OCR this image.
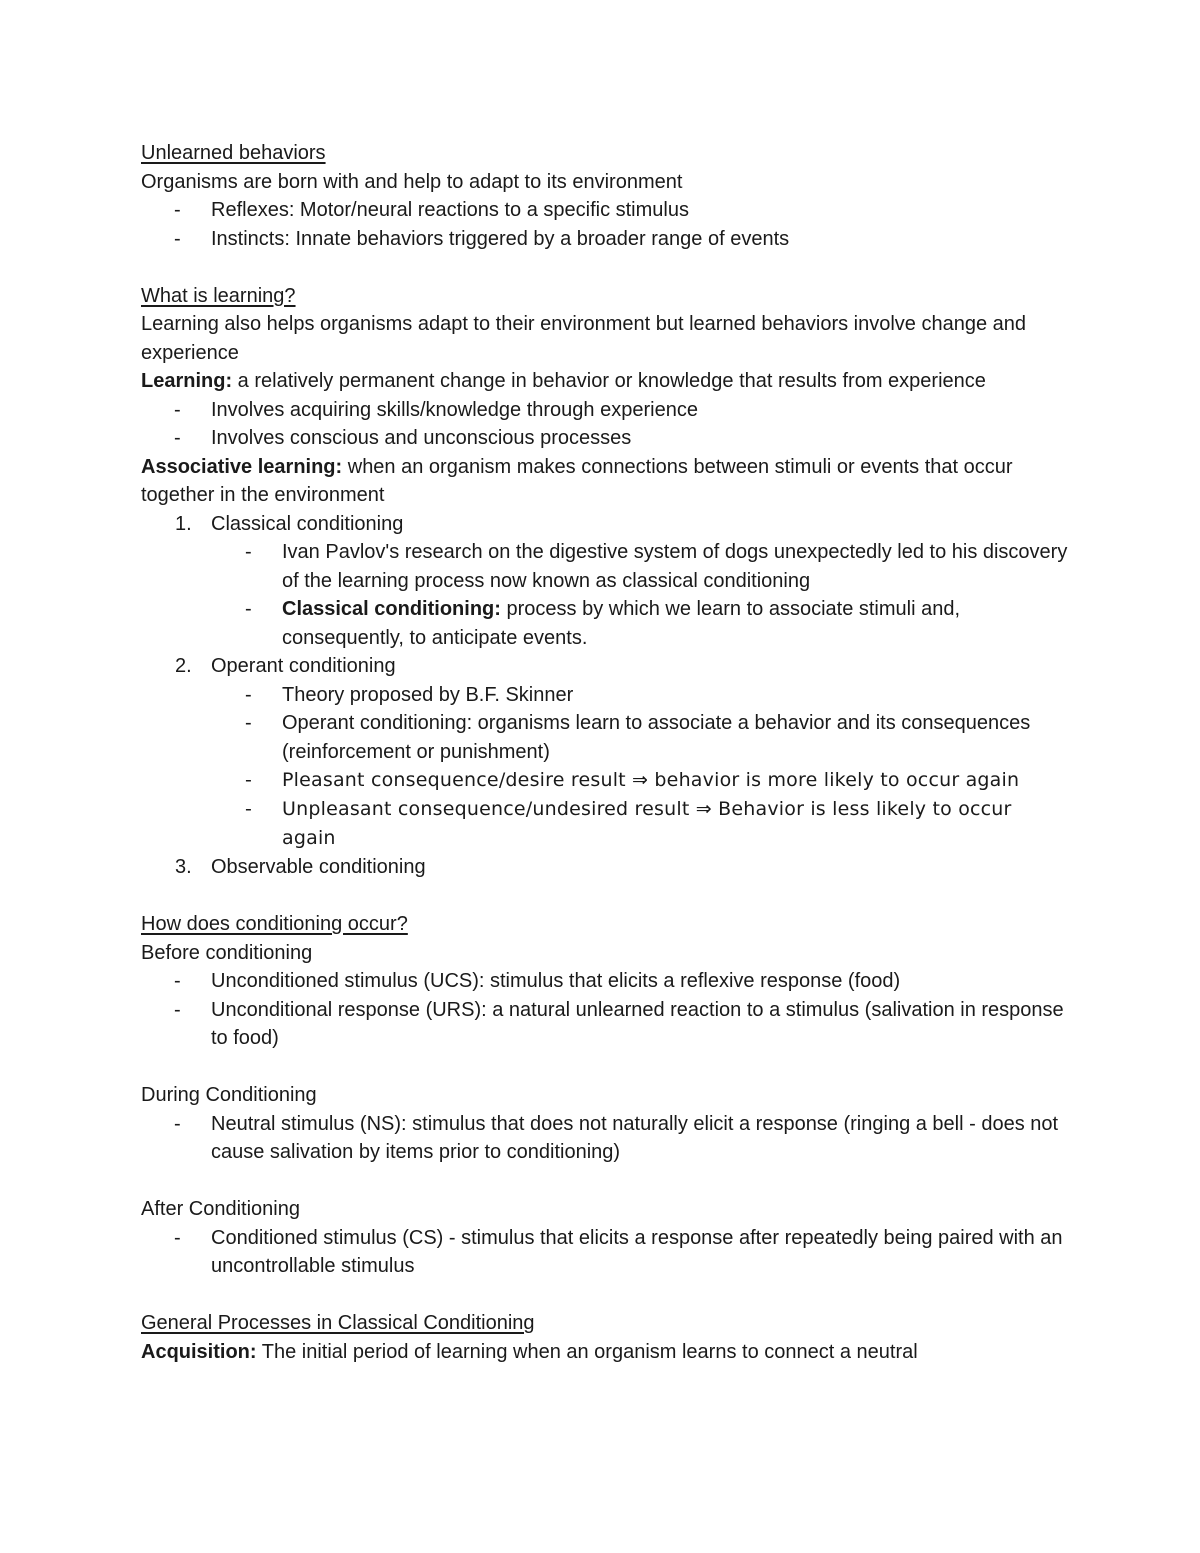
Unlearned behaviors
Organisms are born with and help to adapt to its environment
- Reflexes: Motor/neural reactions to a specific stimulus
- Instincts: Innate behaviors triggered by a broader range of events
What is learning?
Learning also helps organisms adapt to their environment but learned behaviors involve change and experience
Learning: a relatively permanent change in behavior or knowledge that results from experience
- Involves acquiring skills/knowledge through experience
- Involves conscious and unconscious processes
Associative learning: when an organism makes connections between stimuli or events that occur together in the environment
1. Classical conditioning
- Ivan Pavlov's research on the digestive system of dogs unexpectedly led to his discovery of the learning process now known as classical conditioning
- Classical conditioning: process by which we learn to associate stimuli and, consequently, to anticipate events.
2. Operant conditioning
- Theory proposed by B.F. Skinner
- Operant conditioning: organisms learn to associate a behavior and its consequences (reinforcement or punishment)
- Pleasant consequence/desire result ⇒ behavior is more likely to occur again
- Unpleasant consequence/undesired result ⇒ Behavior is less likely to occur again
3. Observable conditioning
How does conditioning occur?
Before conditioning
- Unconditioned stimulus (UCS): stimulus that elicits a reflexive response (food)
- Unconditional response (URS): a natural unlearned reaction to a stimulus (salivation in response to food)
During Conditioning
- Neutral stimulus (NS): stimulus that does not naturally elicit a response (ringing a bell - does not cause salivation by items prior to conditioning)
After Conditioning
- Conditioned stimulus (CS) - stimulus that elicits a response after repeatedly being paired with an uncontrollable stimulus
General Processes in Classical Conditioning
Acquisition: The initial period of learning when an organism learns to connect a neutral
